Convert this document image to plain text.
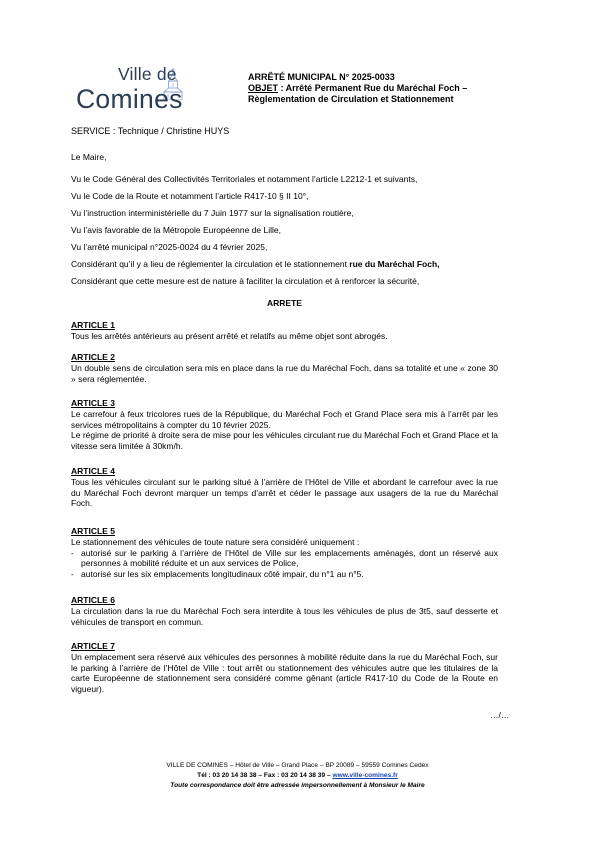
Ville de
Comines
ARRÊTÉ MUNICIPAL N° 2025-0033
OBJET : Arrêté Permanent Rue du Maréchal Foch –
Règlementation de Circulation et Stationnement
SERVICE : Technique / Christine HUYS
Le Maire,
Vu le Code Général des Collectivités Territoriales et notamment l’article L2212-1 et suivants,
Vu le Code de la Route et notamment l’article R417-10 § II 10°,
Vu l’instruction interministérielle du 7 Juin 1977 sur la signalisation routière,
Vu l’avis favorable de la Métropole Européenne de Lille,
Vu l’arrêté municipal n°2025-0024 du 4 février 2025,
Considérant qu’il y a lieu de réglementer la circulation et le stationnement rue du Maréchal Foch,
Considérant que cette mesure est de nature à faciliter la circulation et à renforcer la sécurité,
ARRETE
ARTICLE 1
Tous les arrêtés antérieurs au présent arrêté et relatifs au même objet sont abrogés.
ARTICLE 2
Un double sens de circulation sera mis en place dans la rue du Maréchal Foch, dans sa totalité et une « zone 30 » sera réglementée.
ARTICLE 3
Le carrefour à feux tricolores rues de la République, du Maréchal Foch et Grand Place sera mis à l’arrêt par les services métropolitains à compter du 10 février 2025.
Le régime de priorité à droite sera de mise pour les véhicules circulant rue du Maréchal Foch et Grand Place et la vitesse sera limitée à 30km/h.
ARTICLE 4
Tous les véhicules circulant sur le parking situé à l’arrière de l’Hôtel de Ville et abordant le carrefour avec la rue du Maréchal Foch devront marquer un temps d’arrêt et céder le passage aux usagers de la rue du Maréchal Foch.
ARTICLE 5
Le stationnement des véhicules de toute nature sera considéré uniquement :
- autorisé sur le parking à l’arrière de l’Hôtel de Ville sur les emplacements aménagés, dont un réservé aux personnes à mobilité réduite et un aux services de Police,
- autorisé sur les six emplacements longitudinaux côté impair, du n°1 au n°5.
ARTICLE 6
La circulation dans la rue du Maréchal Foch sera interdite à tous les véhicules de plus de 3t5, sauf desserte et véhicules de transport en commun.
ARTICLE 7
Un emplacement sera réservé aux véhicules des personnes à mobilité réduite dans la rue du Maréchal Foch, sur le parking à l’arrière de l’Hôtel de Ville : tout arrêt ou stationnement des véhicules autre que les titulaires de la carte Européenne de stationnement sera considéré comme gênant (article R417-10 du Code de la Route en vigueur).
…/…
VILLE DE COMINES – Hôtel de Ville – Grand Place – BP 20089 – 59559 Comines Cedex
Tél : 03 20 14 38 38 – Fax : 03 20 14 38 39 – www.ville-comines.fr
Toute correspondance doit être adressée impersonnellement à Monsieur le Maire
